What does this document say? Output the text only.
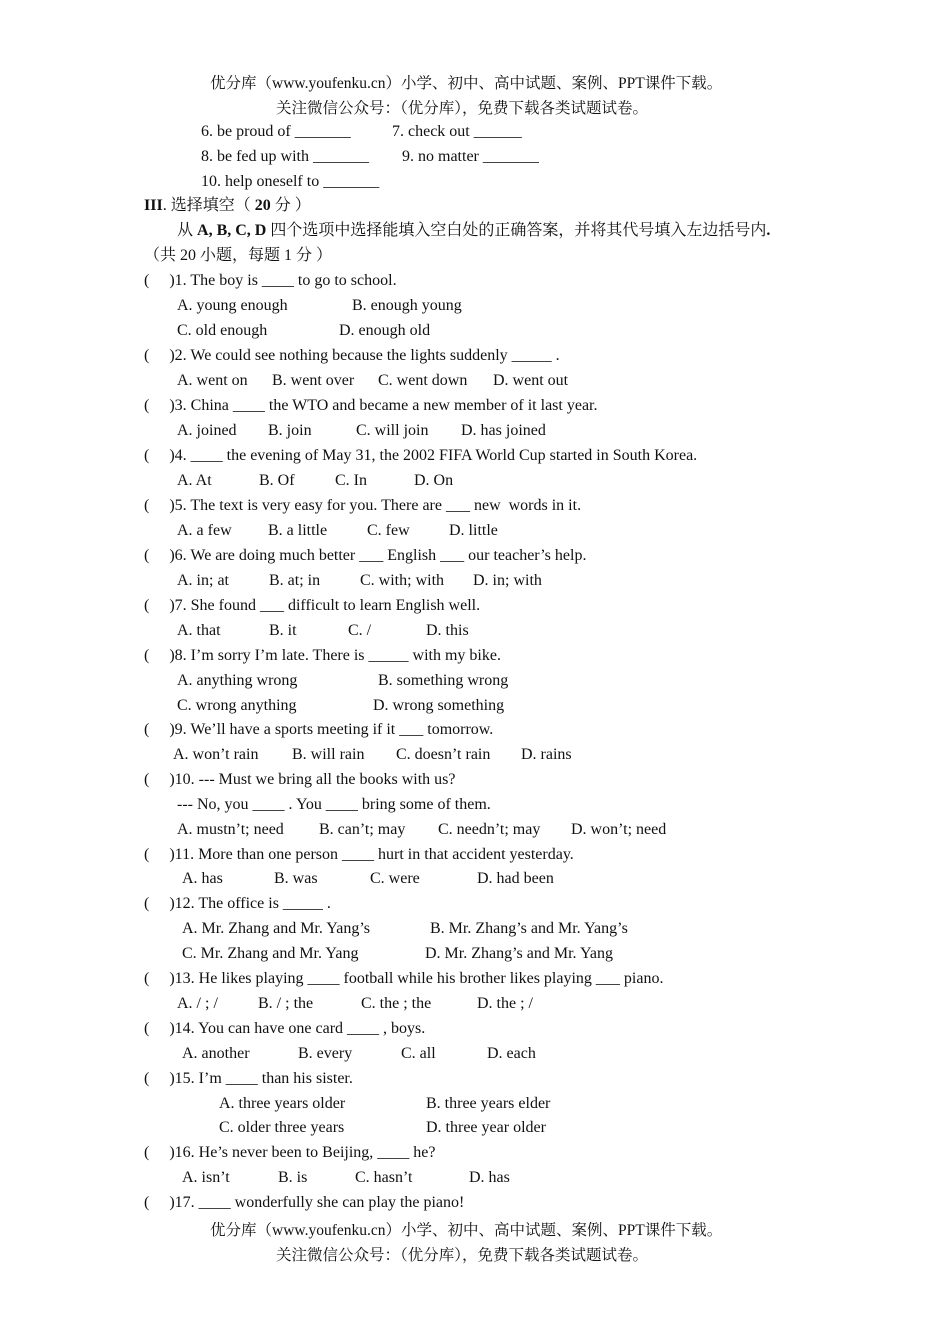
优分库（www.youfenku.cn）小学、初中、高中试题、案例、PPT课件下载。
关注微信公众号：（优分库），免费下载各类试题试卷。
6. be proud of _______	7. check out ______
8. be fed up with _______ 9. no matter _______
10. help oneself to _______
III. 选择填空（ 20 分 ）
从 A, B, C, D 四个选项中选择能填入空白处的正确答案，并将其代号填入左边括号内.
（共 20 小题，每题 1 分 ）
(     )1. The boy is ____ to go to school.
A. young enough	B. enough young
C. old enough	D. enough old
(     )2. We could see nothing because the lights suddenly _____ .
A. went on B. went over C. went down D. went out
(     )3. China ____ the WTO and became a new member of it last year.
A. joined B. join	C. will join D. has joined
(     )4. ____ the evening of May 31, the 2002 FIFA World Cup started in South Korea.
A. At	B. Of	C. In	D. On
(     )5. The text is very easy for you. There are ___ new  words in it.
A. a few B. a little C. few D. little
(     )6. We are doing much better ___ English ___ our teacher’s help.
A. in; at	B. at; in C. with; with D. in; with
(     )7. She found ___ difficult to learn English well.
A. that	B. it	C. /	D. this
(     )8. I’m sorry I’m late. There is _____ with my bike.
A. anything wrong	B. something wrong
C. wrong anything	D. wrong something
(     )9. We’ll have a sports meeting if it ___ tomorrow.
A. won’t rain B. will rain C. doesn’t rain D. rains
(     )10. --- Must we bring all the books with us?
--- No, you ____ . You ____ bring some of them.
A. mustn’t; need B. can’t; may C. needn’t; may D. won’t; need
(     )11. More than one person ____ hurt in that accident yesterday.
A. has	B. was	C. were	D. had been
(     )12. The office is _____ .
A. Mr. Zhang and Mr. Yang’s	B. Mr. Zhang’s and Mr. Yang’s
C. Mr. Zhang and Mr. Yang	D. Mr. Zhang’s and Mr. Yang
(     )13. He likes playing ____ football while his brother likes playing ___ piano.
A. / ; /	B. / ; the	C. the ; the	D. the ; /
(     )14. You can have one card ____ , boys.
A. another	B. every	C. all	D. each
(     )15. I’m ____ than his sister.
A. three years older	B. three years elder
C. older three years	D. three year older
(     )16. He’s never been to Beijing, ____ he?
A. isn’t	B. is	C. hasn’t	D. has
(     )17. ____ wonderfully she can play the piano!
优分库（www.youfenku.cn）小学、初中、高中试题、案例、PPT课件下载。
关注微信公众号：（优分库），免费下载各类试题试卷。
